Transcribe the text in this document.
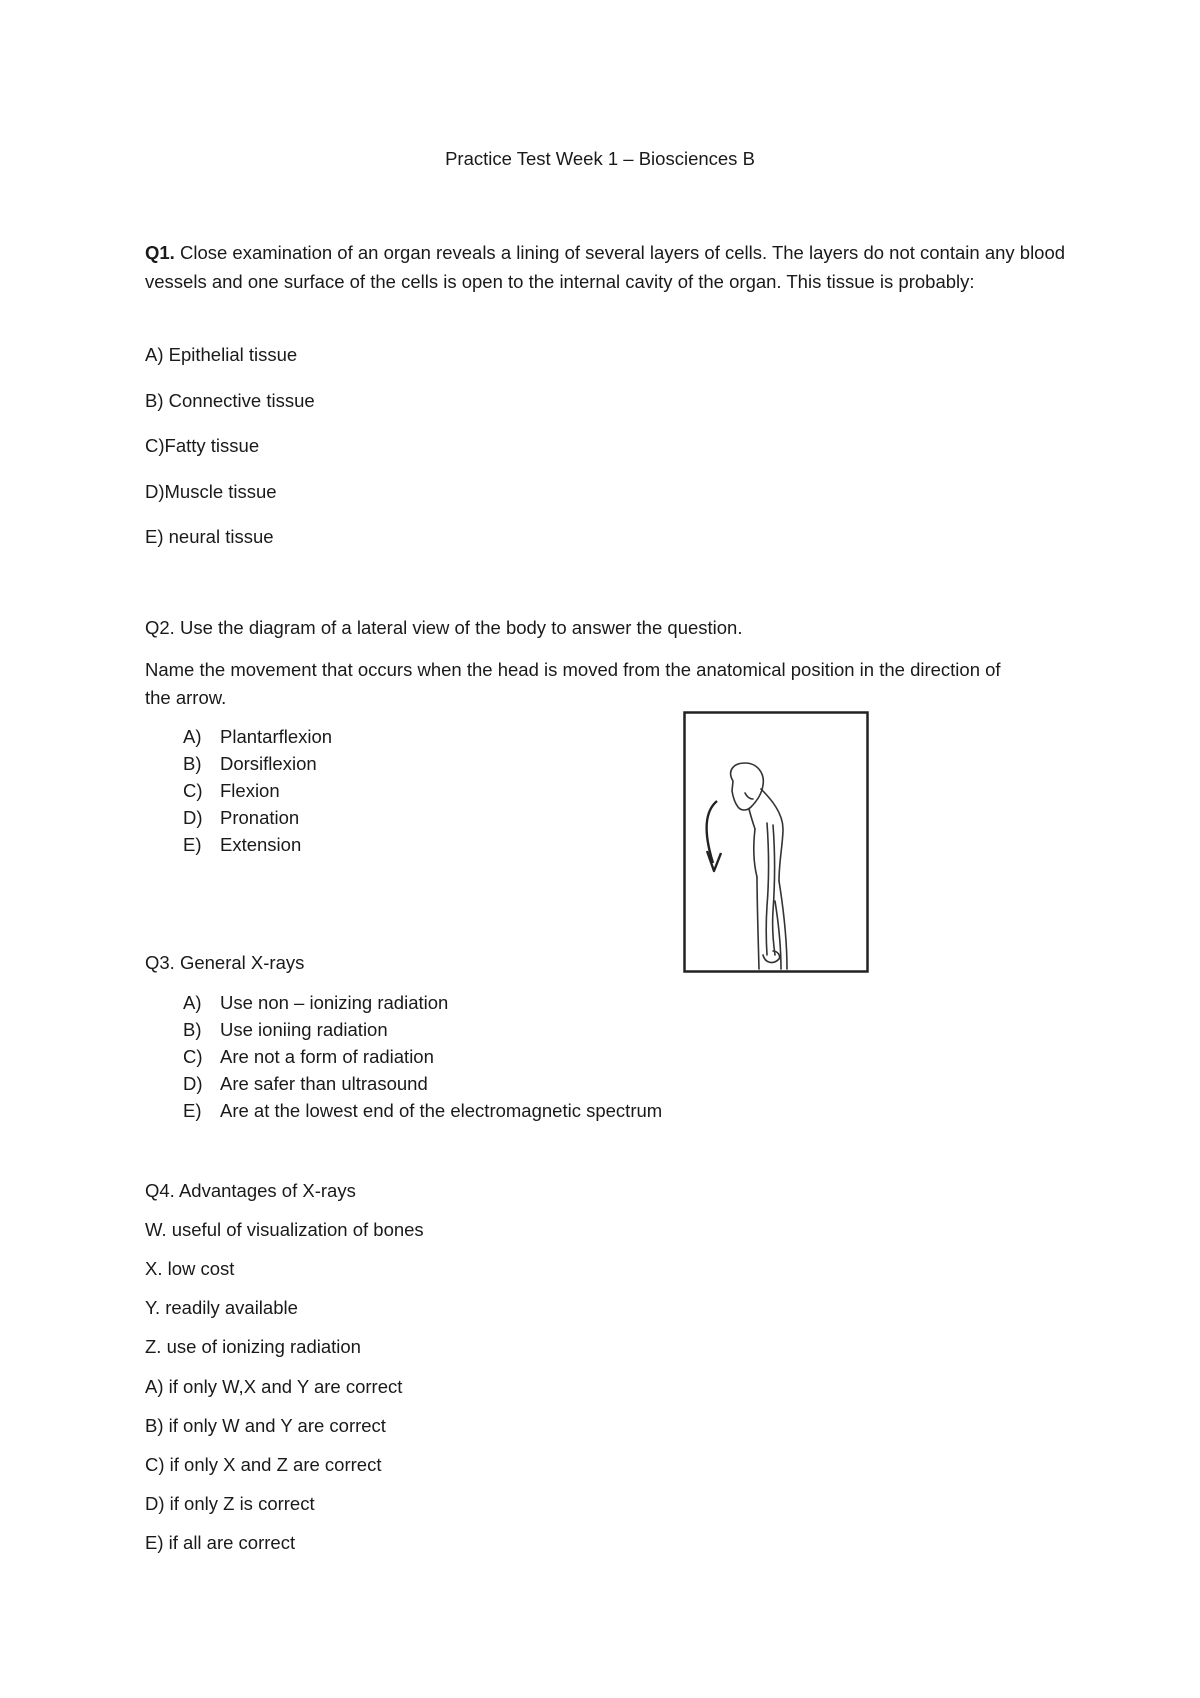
Practice Test Week 1 – Biosciences B
Q1. Close examination of an organ reveals a lining of several layers of cells. The layers do not contain any blood vessels and one surface of the cells is open to the internal cavity of the organ. This tissue is probably:
A) Epithelial tissue
B) Connective tissue
C)Fatty tissue
D)Muscle tissue
E) neural tissue
Q2. Use the diagram of a lateral view of the body to answer the question.
Name the movement that occurs when the head is moved from the anatomical position in the direction of the arrow.
A) Plantarflexion
B) Dorsiflexion
C) Flexion
D) Pronation
E) Extension
Q3. General X-rays
A) Use non – ionizing radiation
B) Use ioniing radiation
C) Are not a form of radiation
D) Are safer than ultrasound
E) Are at the lowest end of the electromagnetic spectrum
Q4. Advantages of X-rays
W. useful of visualization of bones
X. low cost
Y. readily available
Z. use of ionizing radiation
A) if only W,X and Y are correct
B) if only W and Y are correct
C) if only X and Z are correct
D) if only Z is correct
E) if all are correct
